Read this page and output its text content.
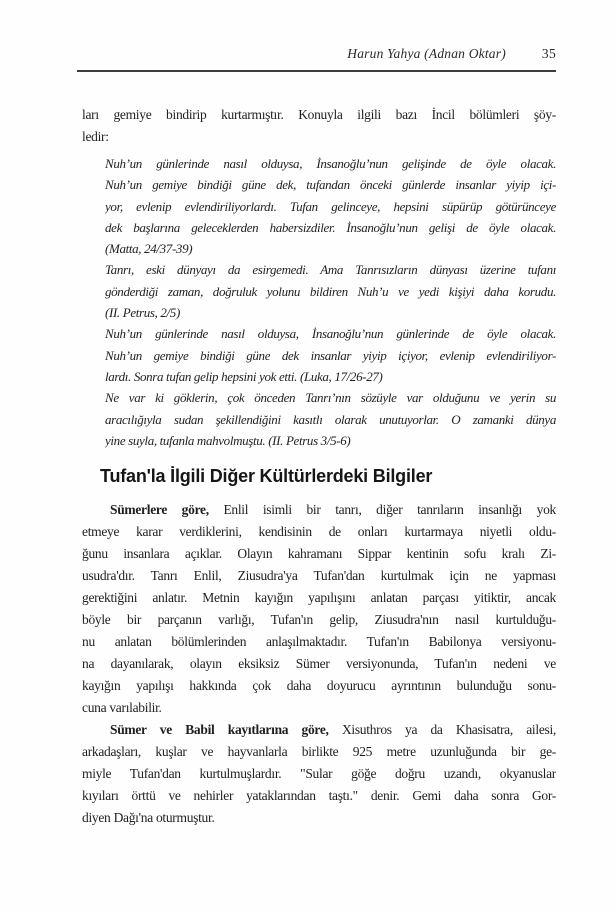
Harun Yahya (Adnan Oktar)	35
ları gemiye bindirip kurtarmıştır. Konuyla ilgili bazı İncil bölümleri şöy-
ledir:
Nuh’un günlerinde nasıl olduysa, İnsanoğlu’nun gelişinde de öyle olacak.
Nuh’un gemiye bindiği güne dek, tufandan önceki günlerde insanlar yiyip içi-
yor, evlenip evlendiriliyorlardı. Tufan gelinceye, hepsini süpürüp götürünceye
dek başlarına geleceklerden habersizdiler. İnsanoğlu’nun gelişi de öyle olacak.
(Matta, 24/37-39)
Tanrı, eski dünyayı da esirgemedi. Ama Tanrısızların dünyası üzerine tufanı
gönderdiği zaman, doğruluk yolunu bildiren Nuh’u ve yedi kişiyi daha korudu.
(II. Petrus, 2/5)
Nuh’un günlerinde nasıl olduysa, İnsanoğlu’nun günlerinde de öyle olacak.
Nuh’un gemiye bindiği güne dek insanlar yiyip içiyor, evlenip evlendiriliyor-
lardı. Sonra tufan gelip hepsini yok etti. (Luka, 17/26-27)
Ne var ki göklerin, çok önceden Tanrı’nın sözüyle var olduğunu ve yerin su
aracılığıyla sudan şekillendiğini kasıtlı olarak unutuyorlar. O zamanki dünya
yine suyla, tufanla mahvolmuştu. (II. Petrus 3/5-6)
Tufan'la İlgili Diğer Kültürlerdeki Bilgiler
Sümerlere göre, Enlil isimli bir tanrı, diğer tanrıların insanlığı yok
etmeye karar verdiklerini, kendisinin de onları kurtarmaya niyetli oldu-
ğunu insanlara açıklar. Olayın kahramanı Sippar kentinin sofu kralı Zi-
usudra'dır. Tanrı Enlil, Ziusudra'ya Tufan'dan kurtulmak için ne yapması
gerektiğini anlatır. Metnin kayığın yapılışını anlatan parçası yitiktir, ancak
böyle bir parçanın varlığı, Tufan'ın gelip, Ziusudra'nın nasıl kurtulduğu-
nu anlatan bölümlerinden anlaşılmaktadır. Tufan'ın Babilonya versiyonu-
na dayanılarak, olayın eksiksiz Sümer versiyonunda, Tufan'ın nedeni ve
kayığın yapılışı hakkında çok daha doyurucu ayrıntının bulunduğu sonu-
cuna varılabilir.
Sümer ve Babil kayıtlarına göre, Xisuthros ya da Khasisatra, ailesi,
arkadaşları, kuşlar ve hayvanlarla birlikte 925 metre uzunluğunda bir ge-
miyle Tufan'dan kurtulmuşlardır. "Sular göğe doğru uzandı, okyanuslar
kıyıları örttü ve nehirler yataklarından taştı." denir. Gemi daha sonra Gor-
diyen Dağı'na oturmuştur.
